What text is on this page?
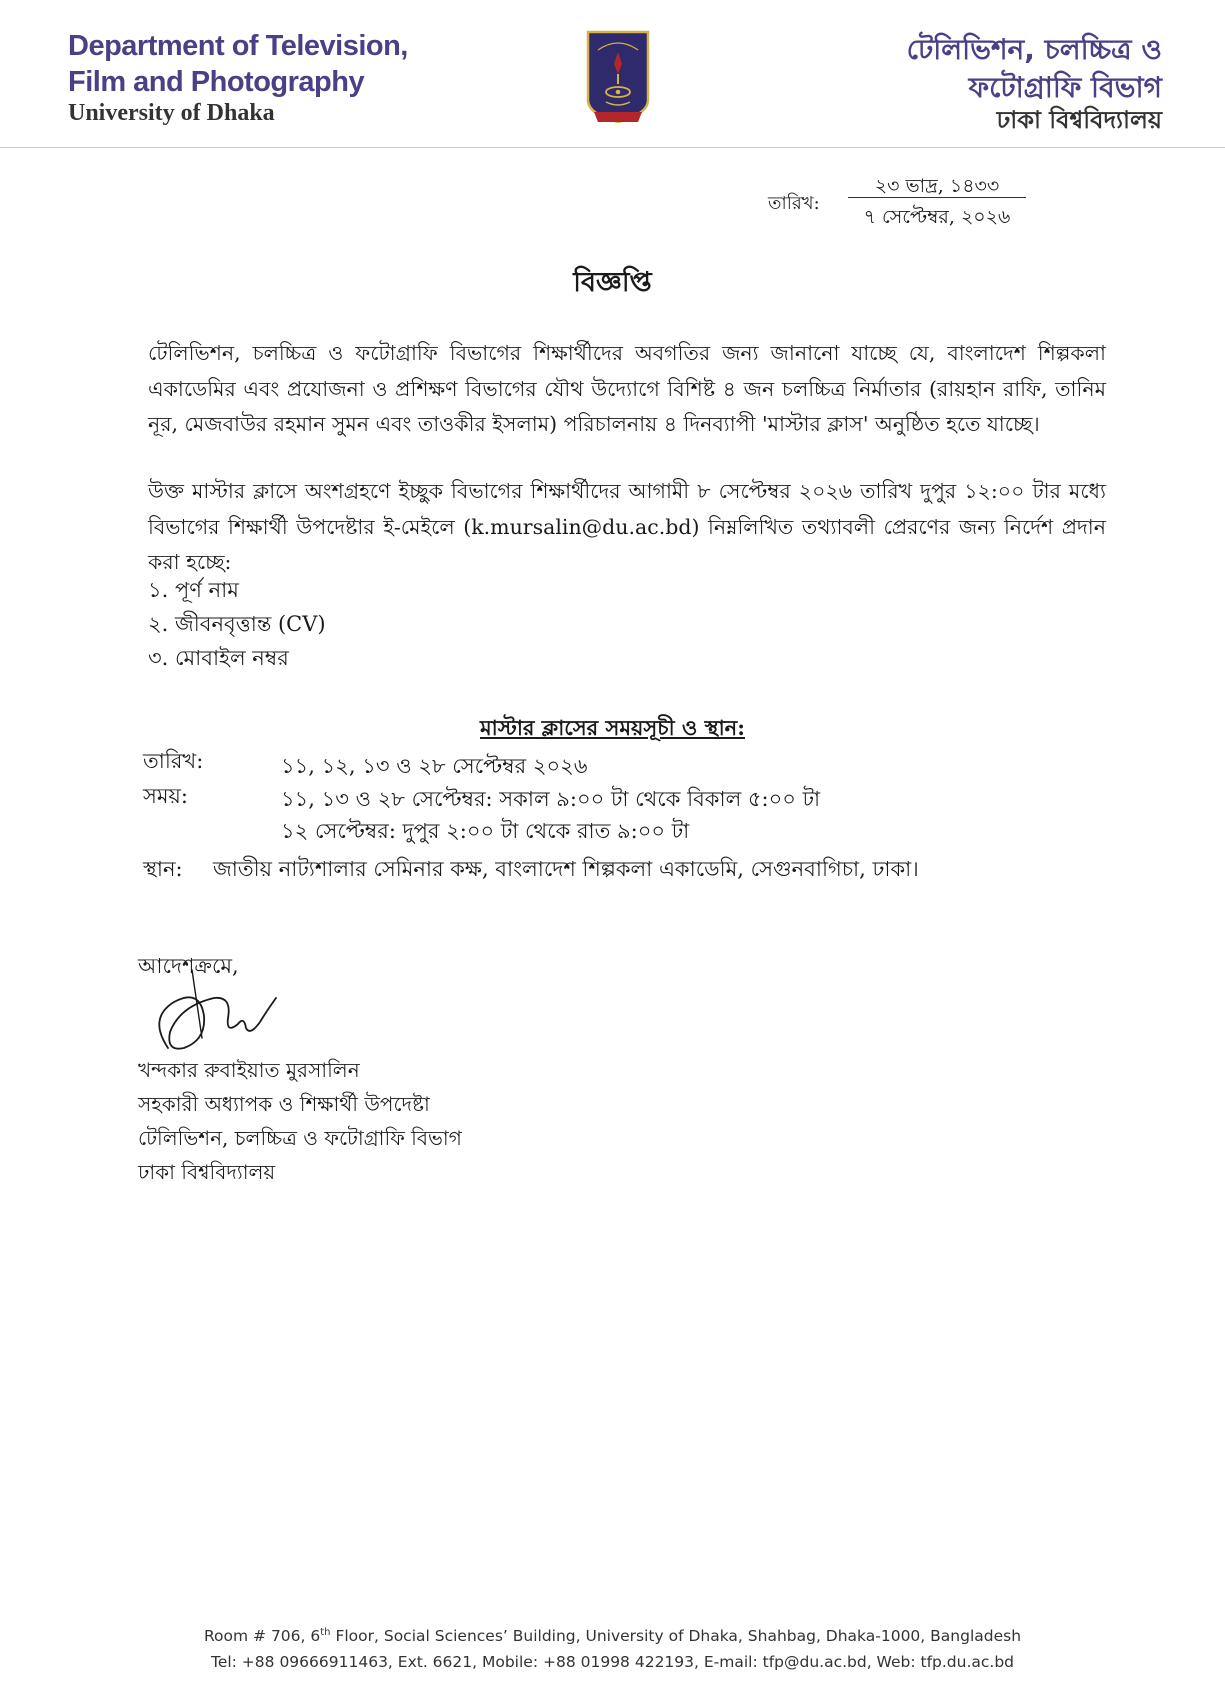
Department of Television,
Film and Photography
University of Dhaka
টেলিভিশন, চলচ্চিত্র ও
ফটোগ্রাফি বিভাগ
ঢাকা বিশ্ববিদ্যালয়
তারিখ:
২৩ ভাদ্র, ১৪৩৩
৭ সেপ্টেম্বর, ২০২৬
বিজ্ঞপ্তি
টেলিভিশন, চলচ্চিত্র ও ফটোগ্রাফি বিভাগের শিক্ষার্থীদের অবগতির জন্য জানানো যাচ্ছে যে, বাংলাদেশ শিল্পকলা একাডেমির এবং প্রযোজনা ও প্রশিক্ষণ বিভাগের যৌথ উদ্যোগে বিশিষ্ট ৪ জন চলচ্চিত্র নির্মাতার (রায়হান রাফি, তানিম নূর, মেজবাউর রহমান সুমন এবং তাওকীর ইসলাম) পরিচালনায় ৪ দিনব্যাপী 'মাস্টার ক্লাস' অনুষ্ঠিত হতে যাচ্ছে।
উক্ত মাস্টার ক্লাসে অংশগ্রহণে ইচ্ছুক বিভাগের শিক্ষার্থীদের আগামী ৮ সেপ্টেম্বর ২০২৬ তারিখ দুপুর ১২:০০ টার মধ্যে বিভাগের শিক্ষার্থী উপদেষ্টার ই-মেইলে (k.mursalin@du.ac.bd) নিম্নলিখিত তথ্যাবলী প্রেরণের জন্য নির্দেশ প্রদান করা হচ্ছে:
১. পূর্ণ নাম
২. জীবনবৃত্তান্ত (CV)
৩. মোবাইল নম্বর
মাস্টার ক্লাসের সময়সূচী ও স্থান:
তারিখ:	১১, ১২, ১৩ ও ২৮ সেপ্টেম্বর ২০২৬
সময়:	১১, ১৩ ও ২৮ সেপ্টেম্বর: সকাল ৯:০০ টা থেকে বিকাল ৫:০০ টা
১২ সেপ্টেম্বর: দুপুর ২:০০ টা থেকে রাত ৯:০০ টা
স্থান: জাতীয় নাট্যশালার সেমিনার কক্ষ, বাংলাদেশ শিল্পকলা একাডেমি, সেগুনবাগিচা, ঢাকা।
আদেশক্রমে,
খন্দকার রুবাইয়াত মুরসালিন
সহকারী অধ্যাপক ও শিক্ষার্থী উপদেষ্টা
টেলিভিশন, চলচ্চিত্র ও ফটোগ্রাফি বিভাগ
ঢাকা বিশ্ববিদ্যালয়
Room # 706, 6th Floor, Social Sciences’ Building, University of Dhaka, Shahbag, Dhaka-1000, Bangladesh
Tel: +88 09666911463, Ext. 6621, Mobile: +88 01998 422193, E-mail: tfp@du.ac.bd, Web: tfp.du.ac.bd
